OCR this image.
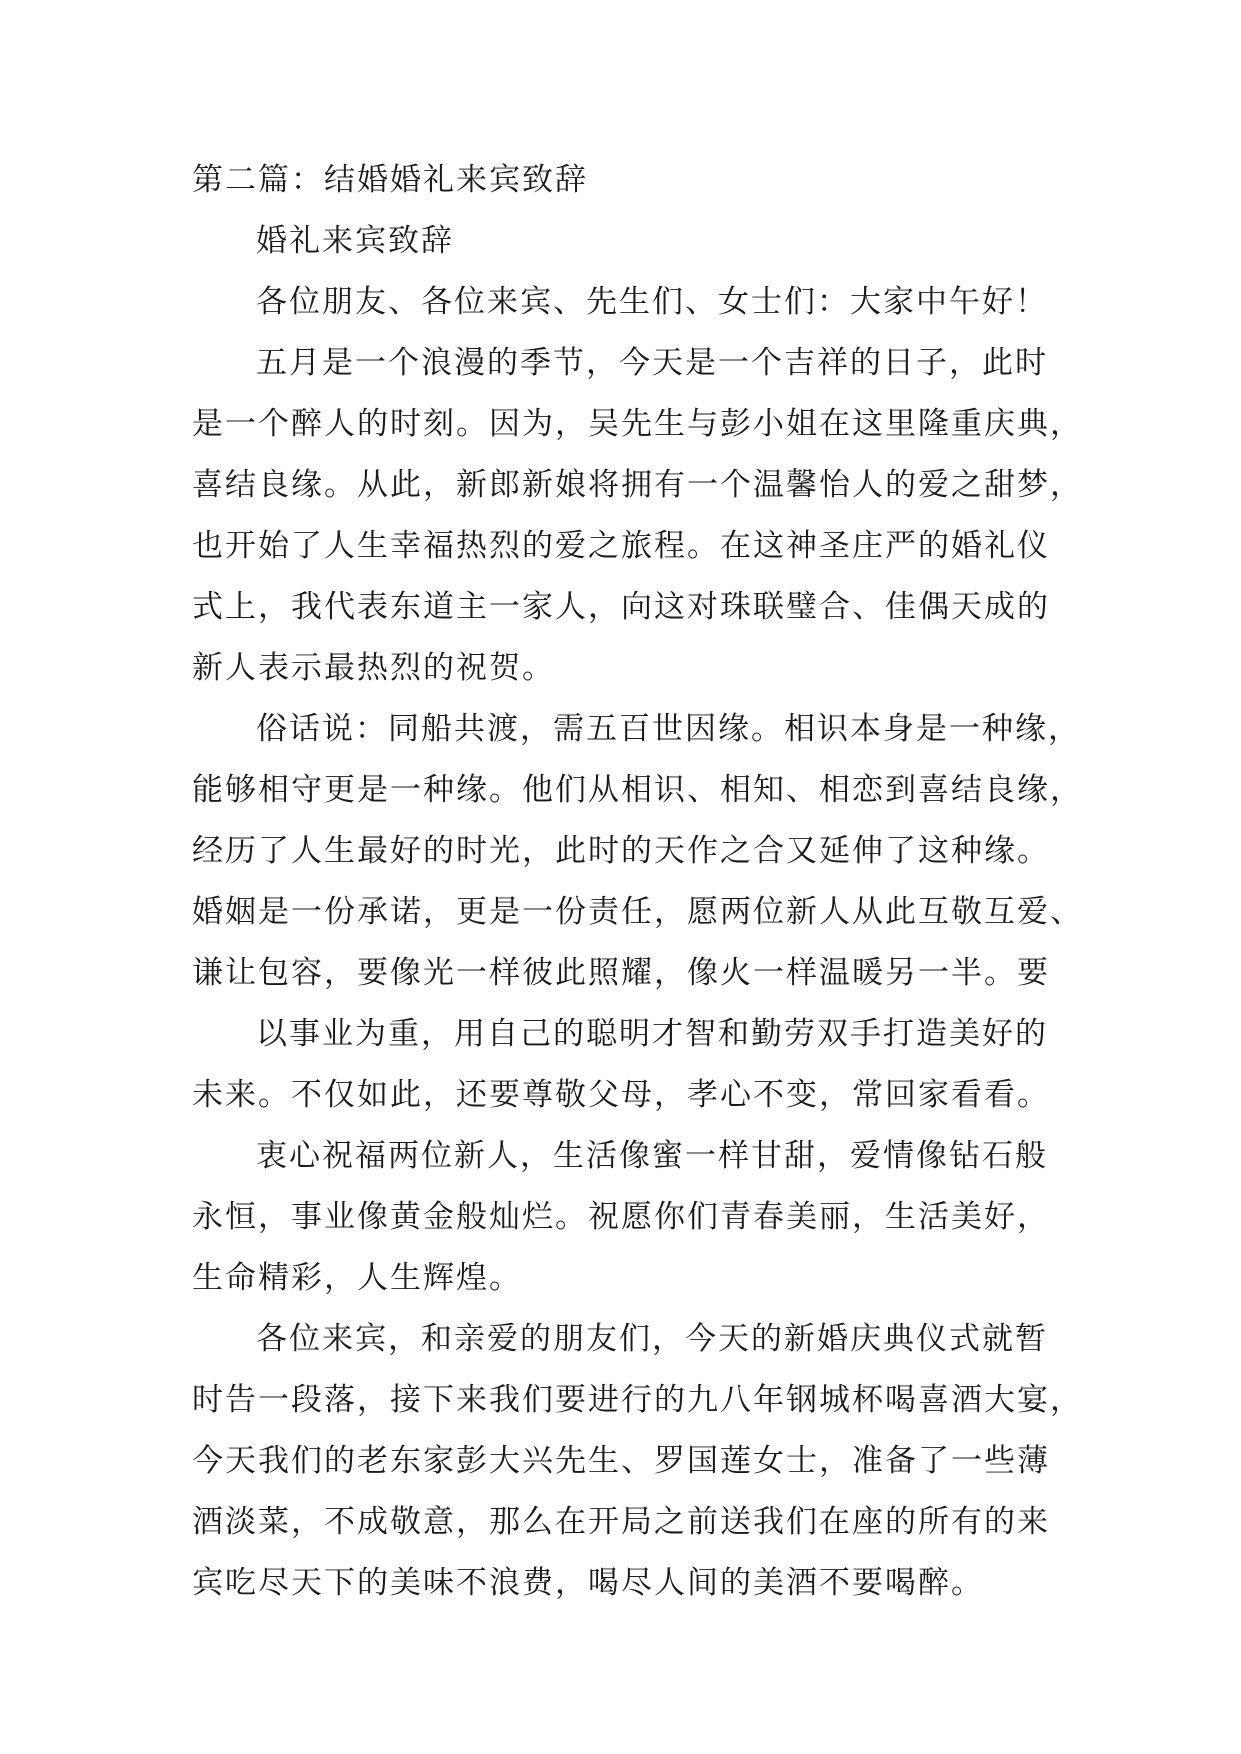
第二篇：结婚婚礼来宾致辞
婚礼来宾致辞
各位朋友、各位来宾、先生们、女士们：大家中午好！
五月是一个浪漫的季节，今天是一个吉祥的日子，此时
是一个醉人的时刻。因为，吴先生与彭小姐在这里隆重庆典，
喜结良缘。从此，新郎新娘将拥有一个温馨怡人的爱之甜梦，
也开始了人生幸福热烈的爱之旅程。在这神圣庄严的婚礼仪
式上，我代表东道主一家人，向这对珠联璧合、佳偶天成的
新人表示最热烈的祝贺。
俗话说：同船共渡，需五百世因缘。相识本身是一种缘，
能够相守更是一种缘。他们从相识、相知、相恋到喜结良缘，
经历了人生最好的时光，此时的天作之合又延伸了这种缘。
婚姻是一份承诺，更是一份责任，愿两位新人从此互敬互爱、
谦让包容，要像光一样彼此照耀，像火一样温暖另一半。要
以事业为重，用自己的聪明才智和勤劳双手打造美好的
未来。不仅如此，还要尊敬父母，孝心不变，常回家看看。
衷心祝福两位新人，生活像蜜一样甘甜，爱情像钻石般
永恒，事业像黄金般灿烂。祝愿你们青春美丽，生活美好，
生命精彩，人生辉煌。
各位来宾，和亲爱的朋友们，今天的新婚庆典仪式就暂
时告一段落，接下来我们要进行的九八年钢城杯喝喜酒大宴，
今天我们的老东家彭大兴先生、罗国莲女士，准备了一些薄
酒淡菜，不成敬意，那么在开局之前送我们在座的所有的来
宾吃尽天下的美味不浪费，喝尽人间的美酒不要喝醉。
